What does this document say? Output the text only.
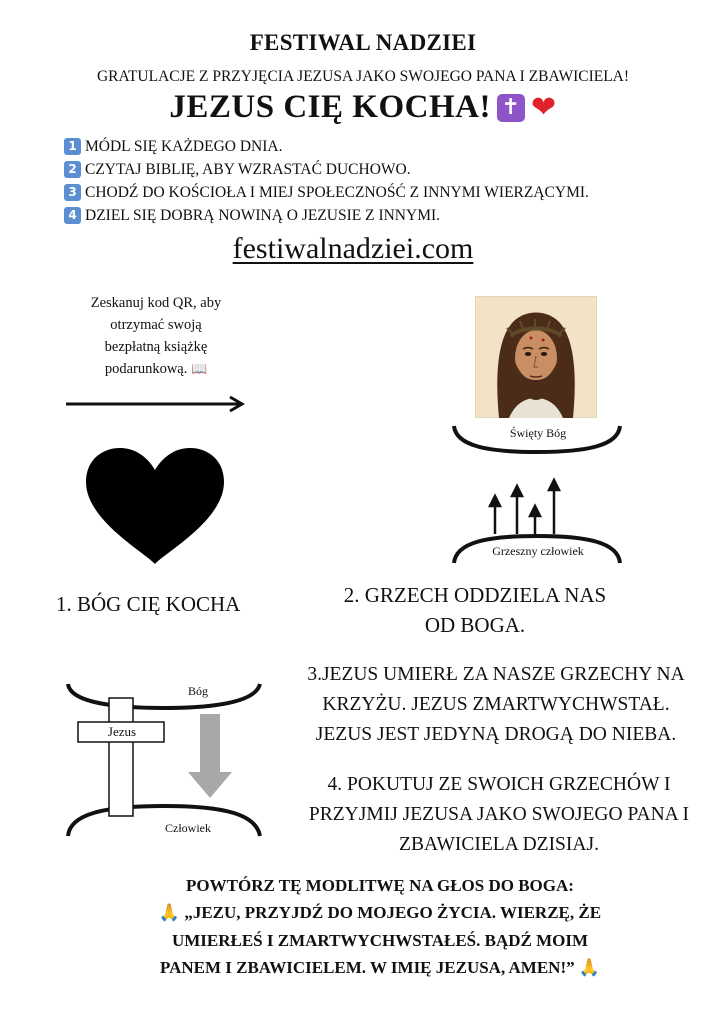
FESTIWAL NADZIEI
GRATULACJE Z PRZYJĘCIA JEZUSA JAKO SWOJEGO PANA I ZBAWICIELA!
JEZUS CIĘ KOCHA! ✝ ❤
1 MÓDL SIĘ KAŻDEGO DNIA.
2 CZYTAJ BIBLIĘ, ABY WZRASTAĆ DUCHOWO.
3 CHODŹ DO KOŚCIOŁA I MIEJ SPOŁECZNOŚĆ Z INNYMI WIERZĄCYMI.
4 DZIEL SIĘ DOBRĄ NOWINĄ O JEZUSIE Z INNYMI.
festiwalnadziei.com
Zeskanuj kod QR, aby
otrzymać swoją
bezpłatną książkę
podarunkową. 📖
Święty Bóg
Grzeszny człowiek
1. BÓG CIĘ KOCHA	2. GRZECH ODDZIELA NAS
OD BOGA.
Bóg
Jezus
Człowiek
3.JEZUS UMIERŁ ZA NASZE GRZECHY NA
KRZYŻU. JEZUS ZMARTWYCHWSTAŁ.
JEZUS JEST JEDYNĄ DROGĄ DO NIEBA.
4. POKUTUJ ZE SWOICH GRZECHÓW I
PRZYJMIJ JEZUSA JAKO SWOJEGO PANA I
ZBAWICIELA DZISIAJ.
POWTÓRZ TĘ MODLITWĘ NA GŁOS DO BOGA:
🙏 „JEZU, PRZYJDŹ DO MOJEGO ŻYCIA. WIERZĘ, ŻE
UMIERŁEŚ I ZMARTWYCHWSTAŁEŚ. BĄDŹ MOIM
PANEM I ZBAWICIELEM. W IMIĘ JEZUSA, AMEN!” 🙏
